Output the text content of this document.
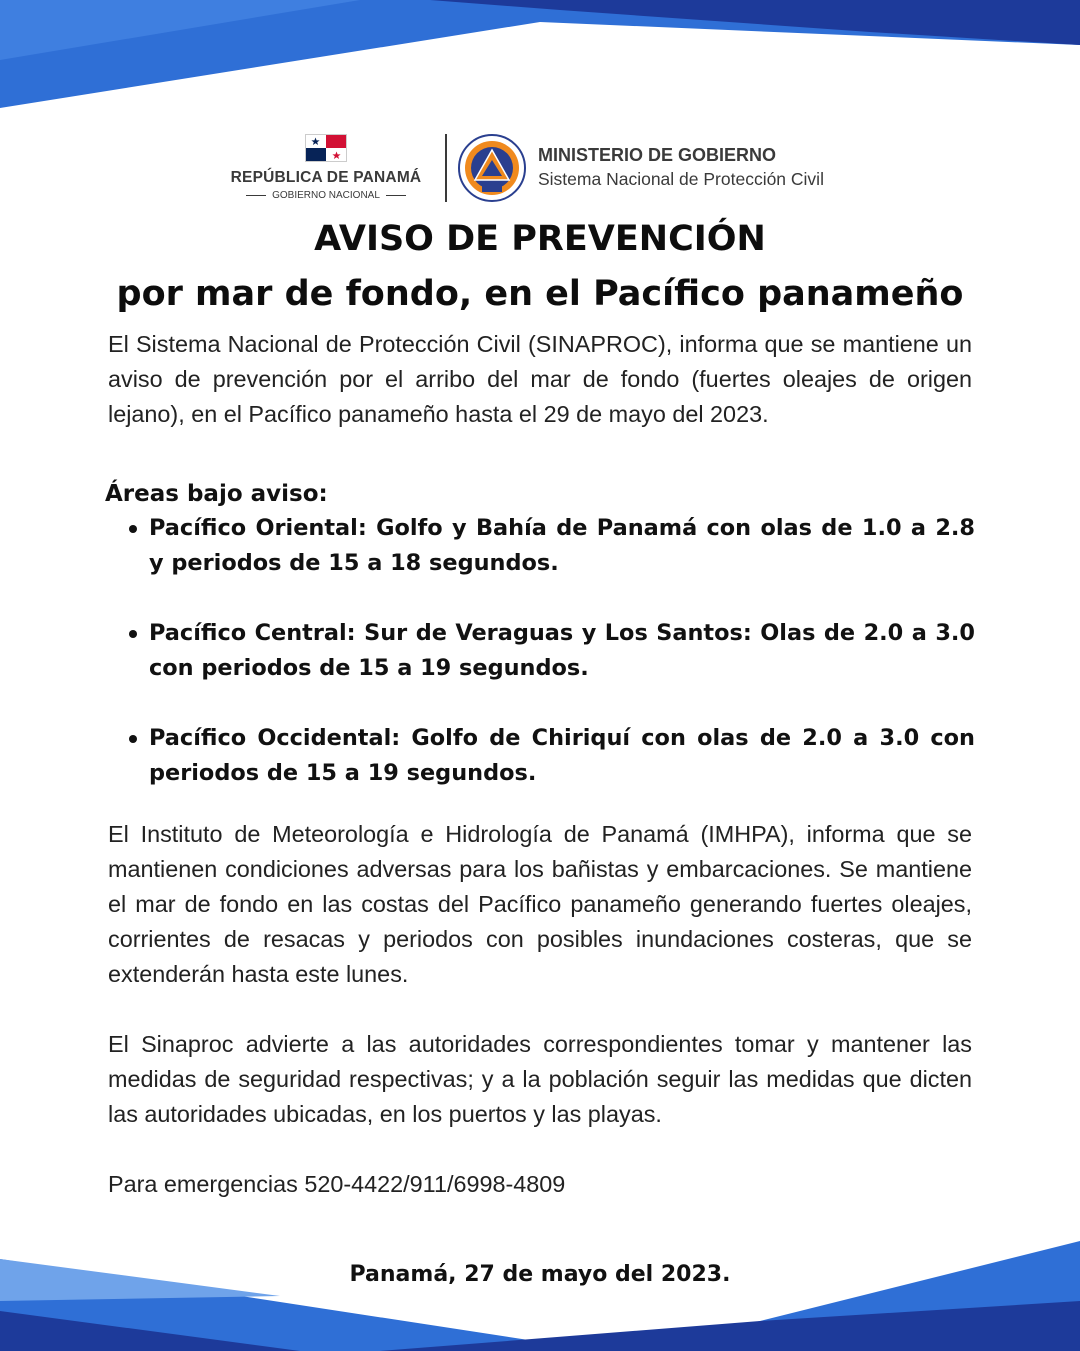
REPÚBLICA DE PANAMÁ
GOBIERNO NACIONAL
MINISTERIO DE GOBIERNO
Sistema Nacional de Protección Civil
AVISO DE PREVENCIÓN
por mar de fondo, en el Pacífico panameño

El Sistema Nacional de Protección Civil (SINAPROC), informa que se mantiene un aviso de prevención por el arribo del mar de fondo (fuertes oleajes de origen lejano), en el Pacífico panameño hasta el 29 de mayo del 2023.

Áreas bajo aviso:
Pacífico Oriental: Golfo y Bahía de Panamá con olas de 1.0 a 2.8 y periodos de 15 a 18 segundos.
Pacífico Central: Sur de Veraguas y Los Santos: Olas de 2.0 a 3.0 con periodos de 15 a 19 segundos.
Pacífico Occidental: Golfo de Chiriquí con olas de 2.0 a 3.0 con periodos de 15 a 19 segundos.

El Instituto de Meteorología e Hidrología de Panamá (IMHPA), informa que se mantienen condiciones adversas para los bañistas y embarcaciones. Se mantiene el mar de fondo en las costas del Pacífico panameño generando fuertes oleajes, corrientes de resacas y periodos con posibles inundaciones costeras, que se extenderán hasta este lunes.

El Sinaproc advierte a las autoridades correspondientes tomar y mantener las medidas de seguridad respectivas; y a la población seguir las medidas que dicten las autoridades ubicadas, en los puertos y las playas.

Para emergencias 520-4422/911/6998-4809

Panamá, 27 de mayo del 2023.
